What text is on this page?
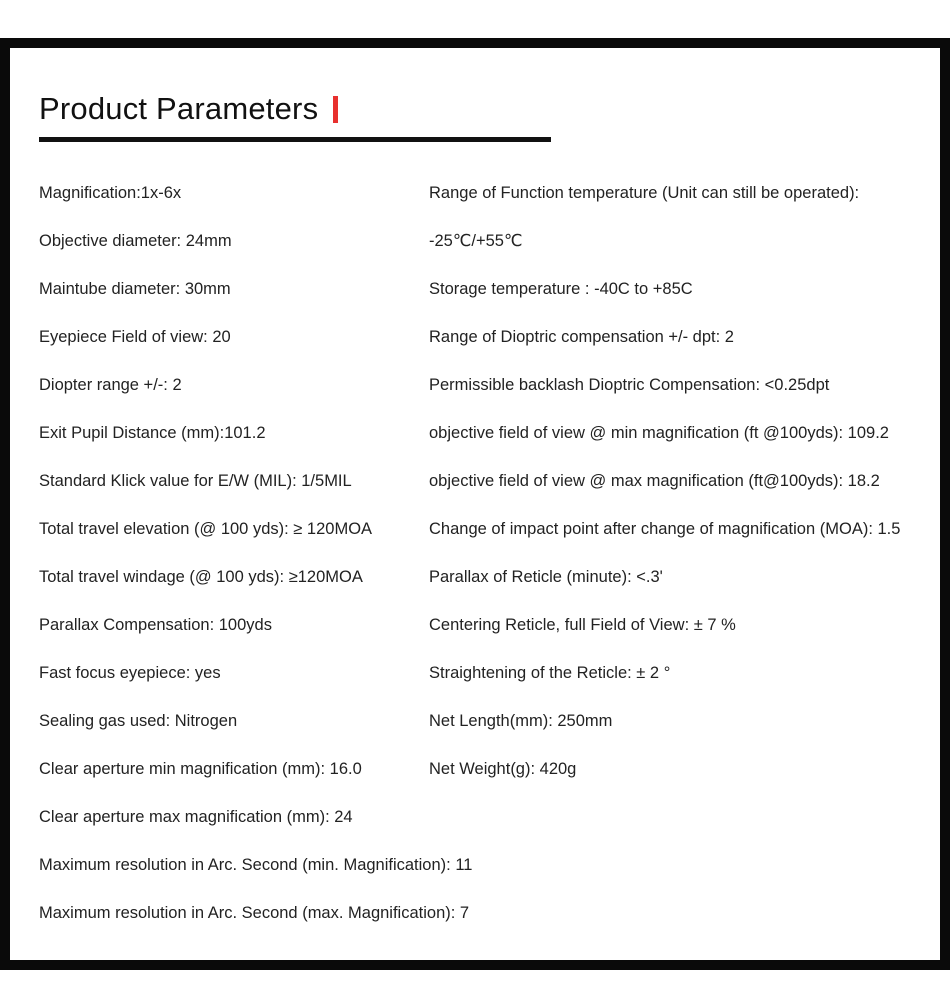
Product Parameters
Magnification:1x-6x
Objective diameter: 24mm
Maintube diameter: 30mm
Eyepiece Field of view: 20
Diopter range +/-: 2
Exit Pupil Distance (mm):101.2
Standard Klick value for E/W (MIL): 1/5MIL
Total travel elevation (@ 100 yds): ≥ 120MOA
Total travel windage (@ 100 yds): ≥120MOA
Parallax Compensation: 100yds
Fast focus eyepiece: yes
Sealing gas used: Nitrogen
Clear aperture min magnification (mm): 16.0
Clear aperture max magnification (mm): 24
Maximum resolution in Arc. Second (min. Magnification): 11
Maximum resolution in Arc. Second (max. Magnification): 7
Range of Function temperature (Unit can still be operated):
-25℃/+55℃
Storage temperature : -40C to +85C
Range of Dioptric compensation +/- dpt: 2
Permissible backlash Dioptric Compensation: <0.25dpt
objective field of view @ min magnification (ft @100yds): 109.2
objective field of view @ max magnification (ft@100yds): 18.2
Change of impact point after change of magnification (MOA): 1.5
Parallax of Reticle (minute): <.3'
Centering Reticle, full Field of View: ± 7 %
Straightening of the Reticle: ± 2 °
Net Length(mm): 250mm
Net Weight(g): 420g
